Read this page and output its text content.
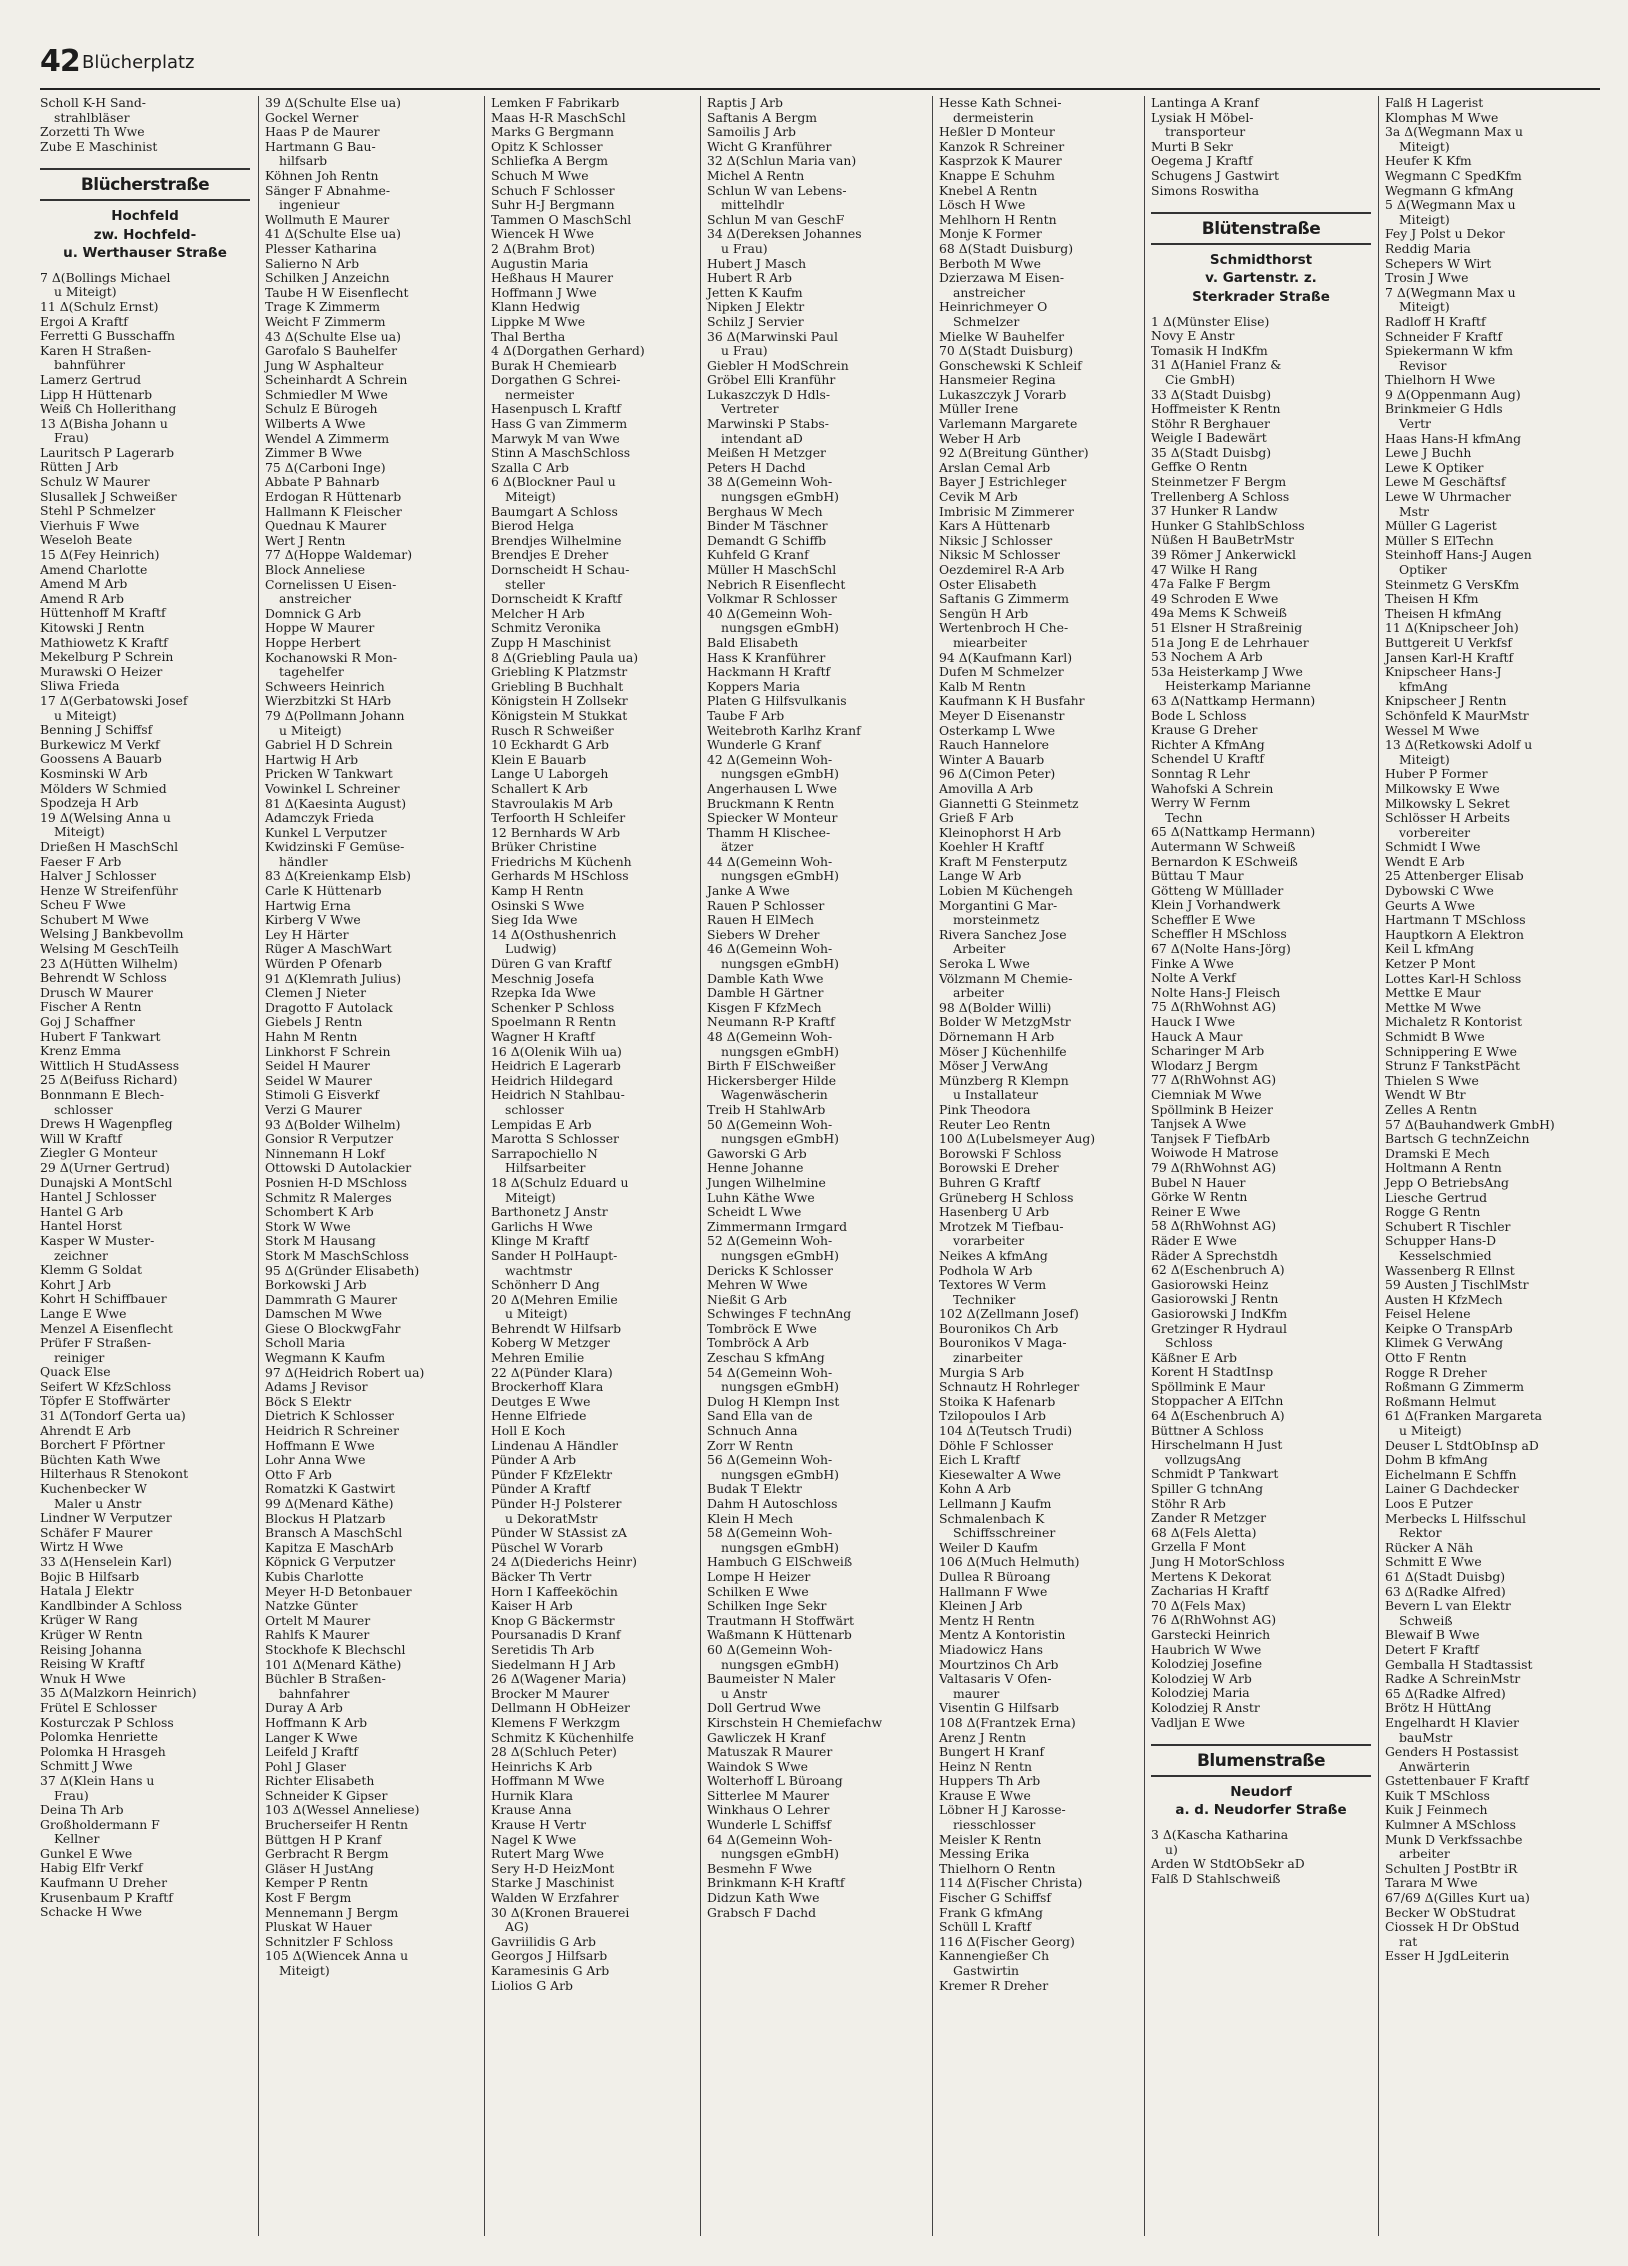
42 Blücherplatz
Scholl K-H Sand-
strahlbläser
Zorzetti Th Wwe
Zube E Maschinist
Blücherstraße
Hochfeld
zw. Hochfeld-
u. Werthauser Straße
7 Δ(Bollings Michael
u Miteigt)
11 Δ(Schulz Ernst)
Ergoi A Kraftf
Ferretti G Busschaffn
Karen H Straßen-
bahnführer
Lamerz Gertrud
Lipp H Hüttenarb
Weiß Ch Hollerithang
13 Δ(Bisha Johann u
Frau)
Lauritsch P Lagerarb
Rütten J Arb
Schulz W Maurer
Slusallek J Schweißer
Stehl P Schmelzer
Vierhuis F Wwe
Weseloh Beate
15 Δ(Fey Heinrich)
Amend Charlotte
Amend M Arb
Amend R Arb
Hüttenhoff M Kraftf
Kitowski J Rentn
Mathiowetz K Kraftf
Mekelburg P Schrein
Murawski O Heizer
Sliwa Frieda
17 Δ(Gerbatowski Josef
u Miteigt)
Benning J Schiffsf
Burkewicz M Verkf
Goossens A Bauarb
Kosminski W Arb
Mölders W Schmied
Spodzeja H Arb
19 Δ(Welsing Anna u
Miteigt)
Drießen H MaschSchl
Faeser F Arb
Halver J Schlosser
Henze W Streifenführ
Scheu F Wwe
Schubert M Wwe
Welsing J Bankbevollm
Welsing M GeschTeilh
23 Δ(Hütten Wilhelm)
Behrendt W Schloss
Drusch W Maurer
Fischer A Rentn
Goj J Schaffner
Hubert F Tankwart
Krenz Emma
Wittlich H StudAssess
25 Δ(Beifuss Richard)
Bonnmann E Blech-
schlosser
Drews H Wagenpfleg
Will W Kraftf
Ziegler G Monteur
29 Δ(Urner Gertrud)
Dunajski A MontSchl
Hantel J Schlosser
Hantel G Arb
Hantel Horst
Kasper W Muster-
zeichner
Klemm G Soldat
Kohrt J Arb
Kohrt H Schiffbauer
Lange E Wwe
Menzel A Eisenflecht
Prüfer F Straßen-
reiniger
Quack Else
Seifert W KfzSchloss
Töpfer E Stoffwärter
31 Δ(Tondorf Gerta ua)
Ahrendt E Arb
Borchert F Pförtner
Büchten Kath Wwe
Hilterhaus R Stenokont
Kuchenbecker W
Maler u Anstr
Lindner W Verputzer
Schäfer F Maurer
Wirtz H Wwe
33 Δ(Henselein Karl)
Bojic B Hilfsarb
Hatala J Elektr
Kandlbinder A Schloss
Krüger W Rang
Krüger W Rentn
Reising Johanna
Reising W Kraftf
Wnuk H Wwe
35 Δ(Malzkorn Heinrich)
Frütel E Schlosser
Kosturczak P Schloss
Polomka Henriette
Polomka H Hrasgeh
Schmitt J Wwe
37 Δ(Klein Hans u
Frau)
Deina Th Arb
Großholdermann F
Kellner
Gunkel E Wwe
Habig Elfr Verkf
Kaufmann U Dreher
Krusenbaum P Kraftf
Schacke H Wwe
39 Δ(Schulte Else ua)
Gockel Werner
Haas P de Maurer
Hartmann G Bau-
hilfsarb
Köhnen Joh Rentn
Sänger F Abnahme-
ingenieur
Wollmuth E Maurer
41 Δ(Schulte Else ua)
Plesser Katharina
Salierno N Arb
Schilken J Anzeichn
Taube H W Eisenflecht
Trage K Zimmerm
Weicht F Zimmerm
43 Δ(Schulte Else ua)
Garofalo S Bauhelfer
Jung W Asphalteur
Scheinhardt A Schrein
Schmiedler M Wwe
Schulz E Bürogeh
Wilberts A Wwe
Wendel A Zimmerm
Zimmer B Wwe
75 Δ(Carboni Inge)
Abbate P Bahnarb
Erdogan R Hüttenarb
Hallmann K Fleischer
Quednau K Maurer
Wert J Rentn
77 Δ(Hoppe Waldemar)
Block Anneliese
Cornelissen U Eisen-
anstreicher
Domnick G Arb
Hoppe W Maurer
Hoppe Herbert
Kochanowski R Mon-
tagehelfer
Schweers Heinrich
Wierzbitzki St HArb
79 Δ(Pollmann Johann
u Miteigt)
Gabriel H D Schrein
Hartwig H Arb
Pricken W Tankwart
Vowinkel L Schreiner
81 Δ(Kaesinta August)
Adamczyk Frieda
Kunkel L Verputzer
Kwidzinski F Gemüse-
händler
83 Δ(Kreienkamp Elsb)
Carle K Hüttenarb
Hartwig Erna
Kirberg V Wwe
Ley H Härter
Rüger A MaschWart
Würden P Ofenarb
91 Δ(Klemrath Julius)
Clemen J Nieter
Dragotto F Autolack
Giebels J Rentn
Hahn M Rentn
Linkhorst F Schrein
Seidel H Maurer
Seidel W Maurer
Stimoli G Eisverkf
Verzi G Maurer
93 Δ(Bolder Wilhelm)
Gonsior R Verputzer
Ninnemann H Lokf
Ottowski D Autolackier
Posnien H-D MSchloss
Schmitz R Malerges
Schombert K Arb
Stork W Wwe
Stork M Hausang
Stork M MaschSchloss
95 Δ(Gründer Elisabeth)
Borkowski J Arb
Dammrath G Maurer
Damschen M Wwe
Giese O BlockwgFahr
Scholl Maria
Wegmann K Kaufm
97 Δ(Heidrich Robert ua)
Adams J Revisor
Böck S Elektr
Dietrich K Schlosser
Heidrich R Schreiner
Hoffmann E Wwe
Lohr Anna Wwe
Otto F Arb
Romatzki K Gastwirt
99 Δ(Menard Käthe)
Blockus H Platzarb
Bransch A MaschSchl
Kapitza E MaschArb
Köpnick G Verputzer
Kubis Charlotte
Meyer H-D Betonbauer
Natzke Günter
Ortelt M Maurer
Rahlfs K Maurer
Stockhofe K Blechschl
101 Δ(Menard Käthe)
Büchler B Straßen-
bahnfahrer
Duray A Arb
Hoffmann K Arb
Langer K Wwe
Leifeld J Kraftf
Pohl J Glaser
Richter Elisabeth
Schneider K Gipser
103 Δ(Wessel Anneliese)
Brucherseifer H Rentn
Büttgen H P Kranf
Gerbracht R Bergm
Gläser H JustAng
Kemper P Rentn
Kost F Bergm
Mennemann J Bergm
Pluskat W Hauer
Schnitzler F Schloss
105 Δ(Wiencek Anna u
Miteigt)
Lemken F Fabrikarb
Maas H-R MaschSchl
Marks G Bergmann
Opitz K Schlosser
Schliefka A Bergm
Schuch M Wwe
Schuch F Schlosser
Suhr H-J Bergmann
Tammen O MaschSchl
Wiencek H Wwe
2 Δ(Brahm Brot)
Augustin Maria
Heßhaus H Maurer
Hoffmann J Wwe
Klann Hedwig
Lippke M Wwe
Thal Bertha
4 Δ(Dorgathen Gerhard)
Burak H Chemiearb
Dorgathen G Schrei-
nermeister
Hasenpusch L Kraftf
Hass G van Zimmerm
Marwyk M van Wwe
Stinn A MaschSchloss
Szalla C Arb
6 Δ(Blockner Paul u
Miteigt)
Baumgart A Schloss
Bierod Helga
Brendjes Wilhelmine
Brendjes E Dreher
Dornscheidt H Schau-
steller
Dornscheidt K Kraftf
Melcher H Arb
Schmitz Veronika
Zupp H Maschinist
8 Δ(Griebling Paula ua)
Griebling K Platzmstr
Griebling B Buchhalt
Königstein H Zollsekr
Königstein M Stukkat
Rusch R Schweißer
10 Eckhardt G Arb
Klein E Bauarb
Lange U Laborgeh
Schallert K Arb
Stavroulakis M Arb
Terfoorth H Schleifer
12 Bernhards W Arb
Brüker Christine
Friedrichs M Küchenh
Gerhards M HSchloss
Kamp H Rentn
Osinski S Wwe
Sieg Ida Wwe
14 Δ(Osthushenrich
Ludwig)
Düren G van Kraftf
Meschnig Josefa
Rzepka Ida Wwe
Schenker P Schloss
Spoelmann R Rentn
Wagner H Kraftf
16 Δ(Olenik Wilh ua)
Heidrich E Lagerarb
Heidrich Hildegard
Heidrich N Stahlbau-
schlosser
Lempidas E Arb
Marotta S Schlosser
Sarrapochiello N
Hilfsarbeiter
18 Δ(Schulz Eduard u
Miteigt)
Barthonetz J Anstr
Garlichs H Wwe
Klinge M Kraftf
Sander H PolHaupt-
wachtmstr
Schönherr D Ang
20 Δ(Mehren Emilie
u Miteigt)
Behrendt W Hilfsarb
Koberg W Metzger
Mehren Emilie
22 Δ(Pünder Klara)
Brockerhoff Klara
Deutges E Wwe
Henne Elfriede
Holl E Koch
Lindenau A Händler
Pünder A Arb
Pünder F KfzElektr
Pünder A Kraftf
Pünder H-J Polsterer
u DekoratMstr
Pünder W StAssist zA
Püschel W Vorarb
24 Δ(Diederichs Heinr)
Bäcker Th Vertr
Horn I Kaffeeköchin
Kaiser H Arb
Knop G Bäckermstr
Poursanadis D Kranf
Seretidis Th Arb
Siedelmann H J Arb
26 Δ(Wagener Maria)
Brocker M Maurer
Dellmann H ObHeizer
Klemens F Werkzgm
Schmitz K Küchenhilfe
28 Δ(Schluch Peter)
Heinrichs K Arb
Hoffmann M Wwe
Hurnik Klara
Krause Anna
Krause H Vertr
Nagel K Wwe
Rutert Marg Wwe
Sery H-D HeizMont
Starke J Maschinist
Walden W Erzfahrer
30 Δ(Kronen Brauerei
AG)
Gavriilidis G Arb
Georgos J Hilfsarb
Karamesinis G Arb
Liolios G Arb
Raptis J Arb
Saftanis A Bergm
Samoilis J Arb
Wicht G Kranführer
32 Δ(Schlun Maria van)
Michel A Rentn
Schlun W van Lebens-
mittelhdlr
Schlun M van GeschF
34 Δ(Dereksen Johannes
u Frau)
Hubert J Masch
Hubert R Arb
Jetten K Kaufm
Nipken J Elektr
Schilz J Servier
36 Δ(Marwinski Paul
u Frau)
Giebler H ModSchrein
Gröbel Elli Kranführ
Lukaszczyk D Hdls-
Vertreter
Marwinski P Stabs-
intendant aD
Meißen H Metzger
Peters H Dachd
38 Δ(Gemeinn Woh-
nungsgen eGmbH)
Berghaus W Mech
Binder M Täschner
Demandt G Schiffb
Kuhfeld G Kranf
Müller H MaschSchl
Nebrich R Eisenflecht
Volkmar R Schlosser
40 Δ(Gemeinn Woh-
nungsgen eGmbH)
Bald Elisabeth
Hass K Kranführer
Hackmann H Kraftf
Koppers Maria
Platen G Hilfsvulkanis
Taube F Arb
Weitebroth Karlhz Kranf
Wunderle G Kranf
42 Δ(Gemeinn Woh-
nungsgen eGmbH)
Angerhausen L Wwe
Bruckmann K Rentn
Spiecker W Monteur
Thamm H Klischee-
ätzer
44 Δ(Gemeinn Woh-
nungsgen eGmbH)
Janke A Wwe
Rauen P Schlosser
Rauen H ElMech
Siebers W Dreher
46 Δ(Gemeinn Woh-
nungsgen eGmbH)
Damble Kath Wwe
Damble H Gärtner
Kisgen F KfzMech
Neumann R-P Kraftf
48 Δ(Gemeinn Woh-
nungsgen eGmbH)
Birth F ElSchweißer
Hickersberger Hilde
Wagenwäscherin
Treib H StahlwArb
50 Δ(Gemeinn Woh-
nungsgen eGmbH)
Gaworski G Arb
Henne Johanne
Jungen Wilhelmine
Luhn Käthe Wwe
Scheidt L Wwe
Zimmermann Irmgard
52 Δ(Gemeinn Woh-
nungsgen eGmbH)
Dericks K Schlosser
Mehren W Wwe
Nießit G Arb
Schwinges F technAng
Tombröck E Wwe
Tombröck A Arb
Zeschau S kfmAng
54 Δ(Gemeinn Woh-
nungsgen eGmbH)
Dulog H Klempn Inst
Sand Ella van de
Schnuch Anna
Zorr W Rentn
56 Δ(Gemeinn Woh-
nungsgen eGmbH)
Budak T Elektr
Dahm H Autoschloss
Klein H Mech
58 Δ(Gemeinn Woh-
nungsgen eGmbH)
Hambuch G ElSchweiß
Lompe H Heizer
Schilken E Wwe
Schilken Inge Sekr
Trautmann H Stoffwärt
Waßmann K Hüttenarb
60 Δ(Gemeinn Woh-
nungsgen eGmbH)
Baumeister N Maler
u Anstr
Doll Gertrud Wwe
Kirschstein H Chemiefachw
Gawliczek H Kranf
Matuszak R Maurer
Waindok S Wwe
Wolterhoff L Büroang
Sitterlee M Maurer
Winkhaus O Lehrer
Wunderle L Schiffsf
64 Δ(Gemeinn Woh-
nungsgen eGmbH)
Besmehn F Wwe
Brinkmann K-H Kraftf
Didzun Kath Wwe
Grabsch F Dachd
Hesse Kath Schnei-
dermeisterin
Heßler D Monteur
Kanzok R Schreiner
Kasprzok K Maurer
Knappe E Schuhm
Knebel A Rentn
Lösch H Wwe
Mehlhorn H Rentn
Monje K Former
68 Δ(Stadt Duisburg)
Berboth M Wwe
Dzierzawa M Eisen-
anstreicher
Heinrichmeyer O
Schmelzer
Mielke W Bauhelfer
70 Δ(Stadt Duisburg)
Gonschewski K Schleif
Hansmeier Regina
Lukaszczyk J Vorarb
Müller Irene
Varlemann Margarete
Weber H Arb
92 Δ(Breitung Günther)
Arslan Cemal Arb
Bayer J Estrichleger
Cevik M Arb
Imbrisic M Zimmerer
Kars A Hüttenarb
Niksic J Schlosser
Niksic M Schlosser
Oezdemirel R-A Arb
Oster Elisabeth
Saftanis G Zimmerm
Sengün H Arb
Wertenbroch H Che-
miearbeiter
94 Δ(Kaufmann Karl)
Dufen M Schmelzer
Kalb M Rentn
Kaufmann K H Busfahr
Meyer D Eisenanstr
Osterkamp L Wwe
Rauch Hannelore
Winter A Bauarb
96 Δ(Cimon Peter)
Amovilla A Arb
Giannetti G Steinmetz
Grieß F Arb
Kleinophorst H Arb
Koehler H Kraftf
Kraft M Fensterputz
Lange W Arb
Lobien M Küchengeh
Morgantini G Mar-
morsteinmetz
Rivera Sanchez Jose
Arbeiter
Seroka L Wwe
Völzmann M Chemie-
arbeiter
98 Δ(Bolder Willi)
Bolder W MetzgMstr
Dörnemann H Arb
Möser J Küchenhilfe
Möser J VerwAng
Münzberg R Klempn
u Installateur
Pink Theodora
Reuter Leo Rentn
100 Δ(Lubelsmeyer Aug)
Borowski F Schloss
Borowski E Dreher
Buhren G Kraftf
Grüneberg H Schloss
Hasenberg U Arb
Mrotzek M Tiefbau-
vorarbeiter
Neikes A kfmAng
Podhola W Arb
Textores W Verm
Techniker
102 Δ(Zellmann Josef)
Bouronikos Ch Arb
Bouronikos V Maga-
zinarbeiter
Murgia S Arb
Schnautz H Rohrleger
Stoika K Hafenarb
Tzilopoulos I Arb
104 Δ(Teutsch Trudi)
Döhle F Schlosser
Eich L Kraftf
Kiesewalter A Wwe
Kohn A Arb
Lellmann J Kaufm
Schmalenbach K
Schiffsschreiner
Weiler D Kaufm
106 Δ(Much Helmuth)
Dullea R Büroang
Hallmann F Wwe
Kleinen J Arb
Mentz H Rentn
Mentz A Kontoristin
Miadowicz Hans
Mourtzinos Ch Arb
Valtasaris V Ofen-
maurer
Visentin G Hilfsarb
108 Δ(Frantzek Erna)
Arenz J Rentn
Bungert H Kranf
Heinz N Rentn
Huppers Th Arb
Krause E Wwe
Löbner H J Karosse-
riesschlosser
Meisler K Rentn
Messing Erika
Thielhorn O Rentn
114 Δ(Fischer Christa)
Fischer G Schiffsf
Frank G kfmAng
Schüll L Kraftf
116 Δ(Fischer Georg)
Kannengießer Ch
Gastwirtin
Kremer R Dreher
Lantinga A Kranf
Lysiak H Möbel-
transporteur
Murti B Sekr
Oegema J Kraftf
Schugens J Gastwirt
Simons Roswitha
Blütenstraße
Schmidthorst
v. Gartenstr. z.
Sterkrader Straße
1 Δ(Münster Elise)
Novy E Anstr
Tomasik H IndKfm
31 Δ(Haniel Franz &
Cie GmbH)
33 Δ(Stadt Duisbg)
Hoffmeister K Rentn
Stöhr R Berghauer
Weigle I Badewärt
35 Δ(Stadt Duisbg)
Geffke O Rentn
Steinmetzer F Bergm
Trellenberg A Schloss
37 Hunker R Landw
Hunker G StahlbSchloss
Nüßen H BauBetrMstr
39 Römer J Ankerwickl
47 Wilke H Rang
47a Falke F Bergm
49 Schroden E Wwe
49a Mems K Schweiß
51 Elsner H Straßreinig
51a Jong E de Lehrhauer
53 Nochem A Arb
53a Heisterkamp J Wwe
Heisterkamp Marianne
63 Δ(Nattkamp Hermann)
Bode L Schloss
Krause G Dreher
Richter A KfmAng
Schendel U Kraftf
Sonntag R Lehr
Wahofski A Schrein
Werry W Fernm
Techn
65 Δ(Nattkamp Hermann)
Autermann W Schweiß
Bernardon K ESchweiß
Büttau T Maur
Götteng W Mülllader
Klein J Vorhandwerk
Scheffler E Wwe
Scheffler H MSchloss
67 Δ(Nolte Hans-Jörg)
Finke A Wwe
Nolte A Verkf
Nolte Hans-J Fleisch
75 Δ(RhWohnst AG)
Hauck I Wwe
Hauck A Maur
Scharinger M Arb
Wlodarz J Bergm
77 Δ(RhWohnst AG)
Ciemniak M Wwe
Spöllmink B Heizer
Tanjsek A Wwe
Tanjsek F TiefbArb
Woiwode H Matrose
79 Δ(RhWohnst AG)
Bubel N Hauer
Görke W Rentn
Reiner E Wwe
58 Δ(RhWohnst AG)
Räder E Wwe
Räder A Sprechstdh
62 Δ(Eschenbruch A)
Gasiorowski Heinz
Gasiorowski J Rentn
Gasiorowski J IndKfm
Gretzinger R Hydraul
Schloss
Käßner E Arb
Korent H StadtInsp
Spöllmink E Maur
Stoppacher A ElTchn
64 Δ(Eschenbruch A)
Büttner A Schloss
Hirschelmann H Just
vollzugsAng
Schmidt P Tankwart
Spiller G tchnAng
Stöhr R Arb
Zander R Metzger
68 Δ(Fels Aletta)
Grzella F Mont
Jung H MotorSchloss
Mertens K Dekorat
Zacharias H Kraftf
70 Δ(Fels Max)
76 Δ(RhWohnst AG)
Garstecki Heinrich
Haubrich W Wwe
Kolodziej Josefine
Kolodziej W Arb
Kolodziej Maria
Kolodziej R Anstr
Vadljan E Wwe
Blumenstraße
Neudorf
a. d. Neudorfer Straße
3 Δ(Kascha Katharina
u)
Arden W StdtObSekr aD
Falß D Stahlschweiß
Falß H Lagerist
Klomphas M Wwe
3a Δ(Wegmann Max u
Miteigt)
Heufer K Kfm
Wegmann C SpedKfm
Wegmann G kfmAng
5 Δ(Wegmann Max u
Miteigt)
Fey J Polst u Dekor
Reddig Maria
Schepers W Wirt
Trosin J Wwe
7 Δ(Wegmann Max u
Miteigt)
Radloff H Kraftf
Schneider F Kraftf
Spiekermann W kfm
Revisor
Thielhorn H Wwe
9 Δ(Oppenmann Aug)
Brinkmeier G Hdls
Vertr
Haas Hans-H kfmAng
Lewe J Buchh
Lewe K Optiker
Lewe M Geschäftsf
Lewe W Uhrmacher
Mstr
Müller G Lagerist
Müller S ElTechn
Steinhoff Hans-J Augen
Optiker
Steinmetz G VersKfm
Theisen H Kfm
Theisen H kfmAng
11 Δ(Knipscheer Joh)
Buttgereit U Verkfsf
Jansen Karl-H Kraftf
Knipscheer Hans-J
kfmAng
Knipscheer J Rentn
Schönfeld K MaurMstr
Wessel M Wwe
13 Δ(Retkowski Adolf u
Miteigt)
Huber P Former
Milkowsky E Wwe
Milkowsky L Sekret
Schlösser H Arbeits
vorbereiter
Schmidt I Wwe
Wendt E Arb
25 Attenberger Elisab
Dybowski C Wwe
Geurts A Wwe
Hartmann T MSchloss
Hauptkorn A Elektron
Keil L kfmAng
Ketzer P Mont
Lottes Karl-H Schloss
Mettke E Maur
Mettke M Wwe
Michaletz R Kontorist
Schmidt B Wwe
Schnippering E Wwe
Strunz F TankstPächt
Thielen S Wwe
Wendt W Btr
Zelles A Rentn
57 Δ(Bauhandwerk GmbH)
Bartsch G technZeichn
Dramski E Mech
Holtmann A Rentn
Jepp O BetriebsAng
Liesche Gertrud
Rogge G Rentn
Schubert R Tischler
Schupper Hans-D
Kesselschmied
Wassenberg R Ellnst
59 Austen J TischlMstr
Austen H KfzMech
Feisel Helene
Keipke O TranspArb
Klimek G VerwAng
Otto F Rentn
Rogge R Dreher
Roßmann G Zimmerm
Roßmann Helmut
61 Δ(Franken Margareta
u Miteigt)
Deuser L StdtObInsp aD
Dohm B kfmAng
Eichelmann E Schffn
Lainer G Dachdecker
Loos E Putzer
Merbecks L Hilfsschul
Rektor
Rücker A Näh
Schmitt E Wwe
61 Δ(Stadt Duisbg)
63 Δ(Radke Alfred)
Bevern L van Elektr
Schweiß
Blewaif B Wwe
Detert F Kraftf
Gemballa H Stadtassist
Radke A SchreinMstr
65 Δ(Radke Alfred)
Brötz H HüttAng
Engelhardt H Klavier
bauMstr
Genders H Postassist
Anwärterin
Gstettenbauer F Kraftf
Kuik T MSchloss
Kuik J Feinmech
Kulmner A MSchloss
Munk D Verkfssachbe
arbeiter
Schulten J PostBtr iR
Tarara M Wwe
67/69 Δ(Gilles Kurt ua)
Becker W ObStudrat
Ciossek H Dr ObStud
rat
Esser H JgdLeiterin
